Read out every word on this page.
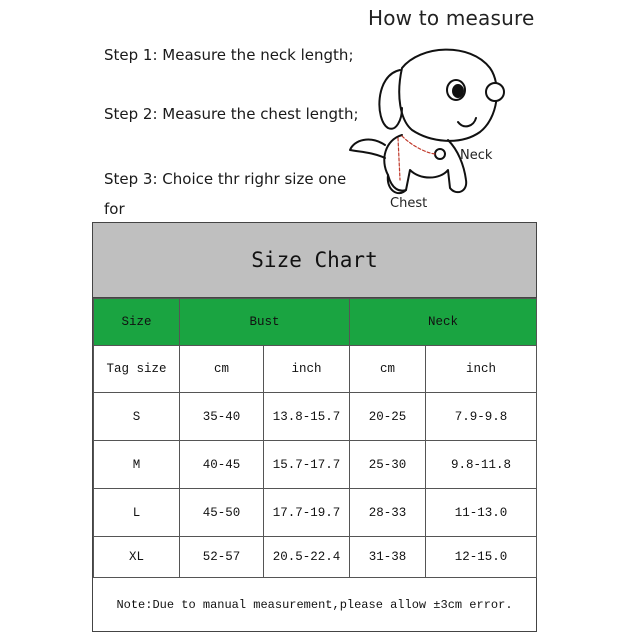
How to measure
Step 1: Measure the neck length;
Step 2: Measure the chest length;
Step 3: Choice thr righr size one for
Neck
Chest
Size Chart
Size	Bust		Neck	
Tag size	cm	inch	cm	inch
S	35-40	13.8-15.7	20-25	7.9-9.8
M	40-45	15.7-17.7	25-30	9.8-11.8
L	45-50	17.7-19.7	28-33	11-13.0
XL	52-57	20.5-22.4	31-38	12-15.0
Note:Due to manual measurement,please allow ±3cm error.
